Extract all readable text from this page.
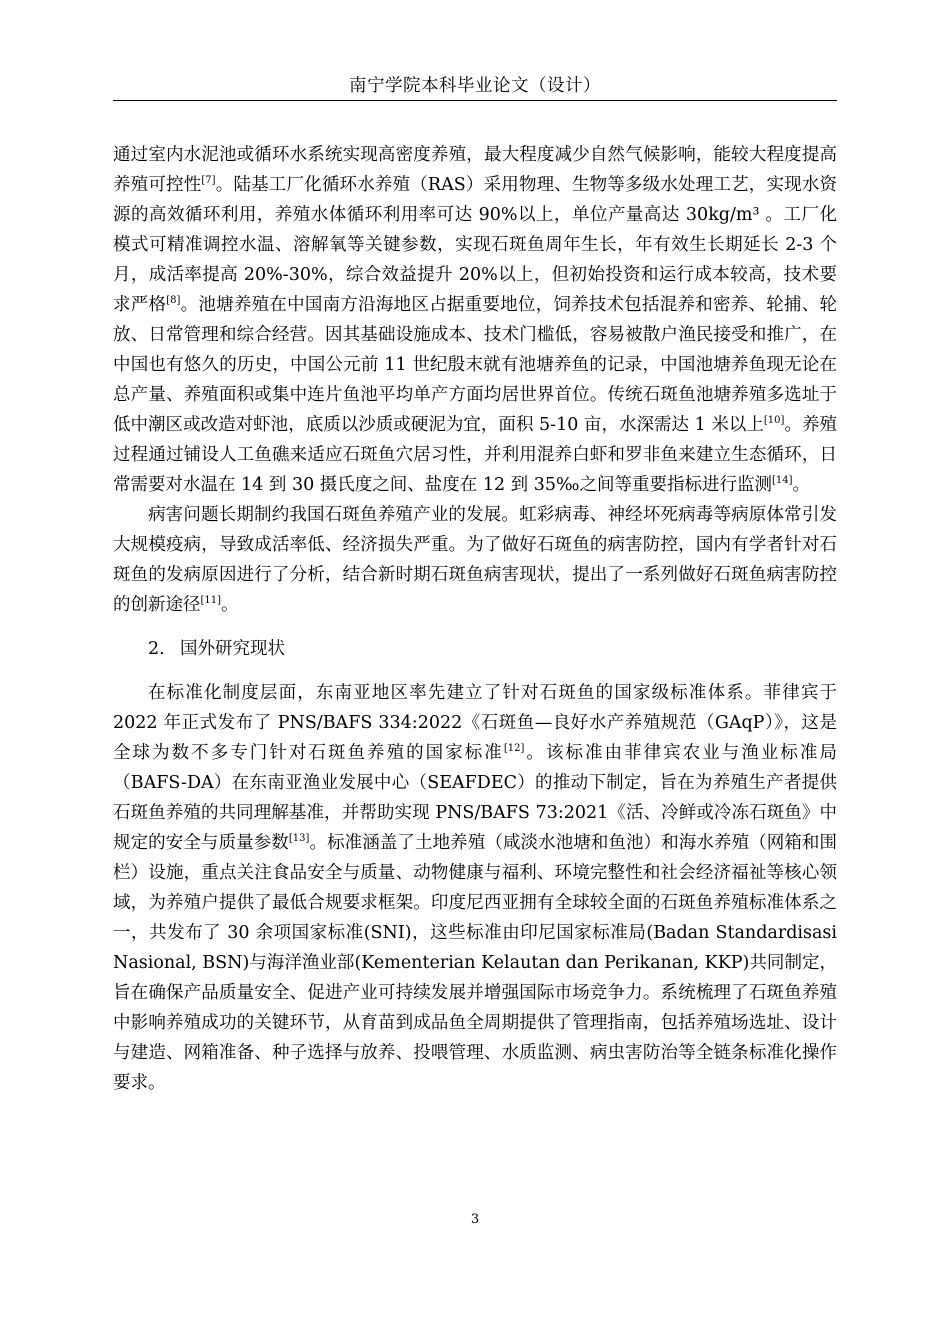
南宁学院本科毕业论文（设计）

通过室内水泥池或循环水系统实现高密度养殖，最大程度减少自然气候影响，能较大程度提高养殖可控性[7]。陆基工厂化循环水养殖（RAS）采用物理、生物等多级水处理工艺，实现水资源的高效循环利用，养殖水体循环利用率可达 90%以上，单位产量高达 30kg/m³ 。工厂化模式可精准调控水温、溶解氧等关键参数，实现石斑鱼周年生长，年有效生长期延长 2-3 个月，成活率提高 20%-30%，综合效益提升 20%以上，但初始投资和运行成本较高，技术要求严格[8]。池塘养殖在中国南方沿海地区占据重要地位，饲养技术包括混养和密养、轮捕、轮放、日常管理和综合经营。因其基础设施成本、技术门槛低，容易被散户渔民接受和推广，在中国也有悠久的历史，中国公元前 11 世纪殷末就有池塘养鱼的记录，中国池塘养鱼现无论在总产量、养殖面积或集中连片鱼池平均单产方面均居世界首位。传统石斑鱼池塘养殖多选址于低中潮区或改造对虾池，底质以沙质或硬泥为宜，面积 5-10 亩，水深需达 1 米以上[10]。养殖过程通过铺设人工鱼礁来适应石斑鱼穴居习性，并利用混养白虾和罗非鱼来建立生态循环，日常需要对水温在 14 到 30 摄氏度之间、盐度在 12 到 35‰之间等重要指标进行监测[14]。

病害问题长期制约我国石斑鱼养殖产业的发展。虹彩病毒、神经坏死病毒等病原体常引发大规模疫病，导致成活率低、经济损失严重。为了做好石斑鱼的病害防控，国内有学者针对石斑鱼的发病原因进行了分析，结合新时期石斑鱼病害现状，提出了一系列做好石斑鱼病害防控的创新途径[11]。

2. 国外研究现状

在标准化制度层面，东南亚地区率先建立了针对石斑鱼的国家级标准体系。菲律宾于 2022 年正式发布了 PNS/BAFS 334:2022《石斑鱼—良好水产养殖规范（GAqP）》，这是全球为数不多专门针对石斑鱼养殖的国家标准[12]。该标准由菲律宾农业与渔业标准局（BAFS-DA）在东南亚渔业发展中心（SEAFDEC）的推动下制定，旨在为养殖生产者提供石斑鱼养殖的共同理解基准，并帮助实现 PNS/BAFS 73:2021《活、冷鲜或冷冻石斑鱼》中规定的安全与质量参数[13]。标准涵盖了土地养殖（咸淡水池塘和鱼池）和海水养殖（网箱和围栏）设施，重点关注食品安全与质量、动物健康与福利、环境完整性和社会经济福祉等核心领域，为养殖户提供了最低合规要求框架。印度尼西亚拥有全球较全面的石斑鱼养殖标准体系之一，共发布了 30 余项国家标准(SNI)，这些标准由印尼国家标准局(Badan Standardisasi Nasional, BSN)与海洋渔业部(Kementerian Kelautan dan Perikanan, KKP)共同制定，旨在确保产品质量安全、促进产业可持续发展并增强国际市场竞争力。系统梳理了石斑鱼养殖中影响养殖成功的关键环节，从育苗到成品鱼全周期提供了管理指南，包括养殖场选址、设计与建造、网箱准备、种子选择与放养、投喂管理、水质监测、病虫害防治等全链条标准化操作要求。

3
